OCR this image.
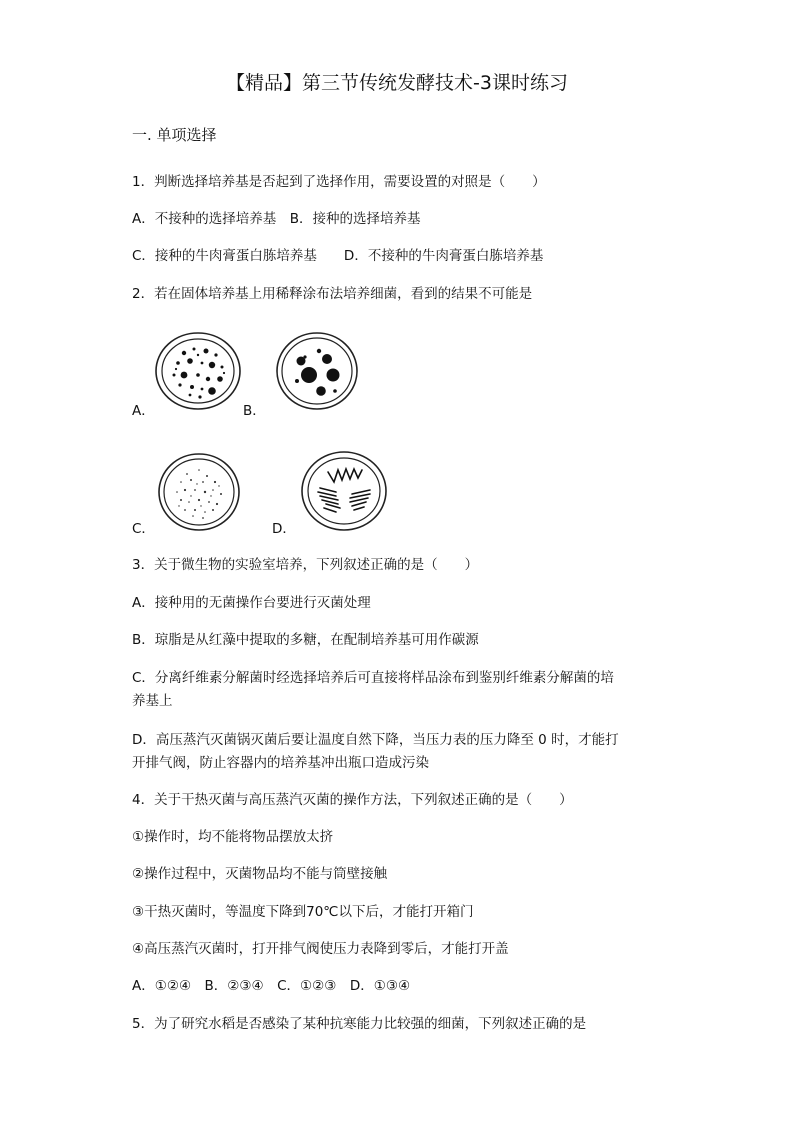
【精品】第三节传统发酵技术-3课时练习
一. 单项选择
1．判断选择培养基是否起到了选择作用，需要设置的对照是（　　）
A．不接种的选择培养基　B．接种的选择培养基
C．接种的牛肉膏蛋白胨培养基　　D．不接种的牛肉膏蛋白胨培养基
2．若在固体培养基上用稀释涂布法培养细菌，看到的结果不可能是
A．	B．
C．	D．
3．关于微生物的实验室培养，下列叙述正确的是（　　）
A．接种用的无菌操作台要进行灭菌处理
B．琼脂是从红藻中提取的多糖，在配制培养基可用作碳源
C．分离纤维素分解菌时经选择培养后可直接将样品涂布到鉴别纤维素分解菌的培
养基上
D．高压蒸汽灭菌锅灭菌后要让温度自然下降，当压力表的压力降至 0 时，才能打
开排气阀，防止容器内的培养基冲出瓶口造成污染
4．关于干热灭菌与高压蒸汽灭菌的操作方法，下列叙述正确的是（　　）
①操作时，均不能将物品摆放太挤
②操作过程中，灭菌物品均不能与筒壁接触
③干热灭菌时，等温度下降到70℃以下后，才能打开箱门
④高压蒸汽灭菌时，打开排气阀使压力表降到零后，才能打开盖
A．①②④　B．②③④　C．①②③　D．①③④
5．为了研究水稻是否感染了某种抗寒能力比较强的细菌，下列叙述正确的是
